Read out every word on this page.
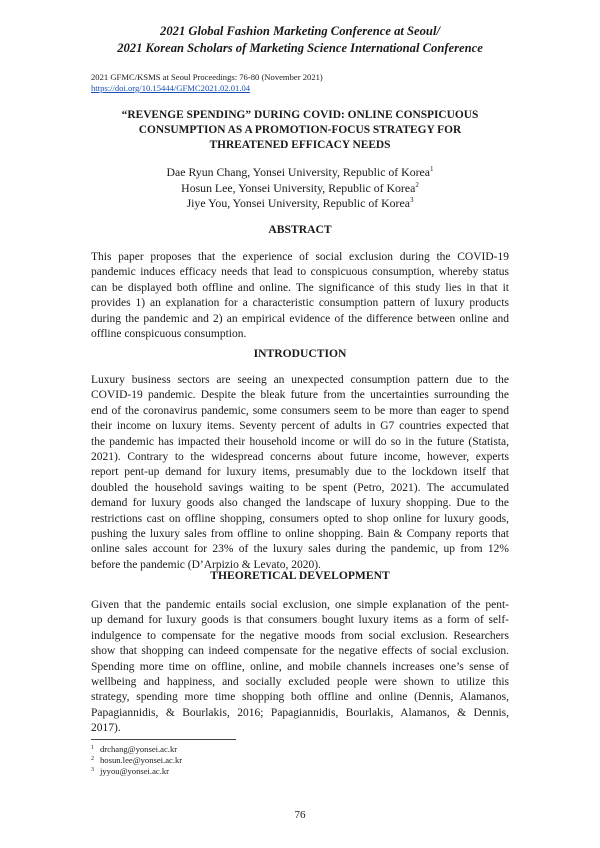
2021 Global Fashion Marketing Conference at Seoul/
2021 Korean Scholars of Marketing Science International Conference
2021 GFMC/KSMS at Seoul Proceedings: 76-80 (November 2021)
https://doi.org/10.15444/GFMC2021.02.01.04
“REVENGE SPENDING” DURING COVID: ONLINE CONSPICUOUS
CONSUMPTION AS A PROMOTION-FOCUS STRATEGY FOR
THREATENED EFFICACY NEEDS
Dae Ryun Chang, Yonsei University, Republic of Korea$^1$
Hosun Lee, Yonsei University, Republic of Korea$^2$
Jiye You, Yonsei University, Republic of Korea$^3$
ABSTRACT
This paper proposes that the experience of social exclusion during the COVID-19
pandemic induces efficacy needs that lead to conspicuous consumption, whereby status
can be displayed both offline and online. The significance of this study lies in that it
provides 1) an explanation for a characteristic consumption pattern of luxury products
during the pandemic and 2) an empirical evidence of the difference between online and
offline conspicuous consumption.
INTRODUCTION
Luxury business sectors are seeing an unexpected consumption pattern due to the
COVID-19 pandemic. Despite the bleak future from the uncertainties surrounding the
end of the coronavirus pandemic, some consumers seem to be more than eager to spend
their income on luxury items. Seventy percent of adults in G7 countries expected that
the pandemic has impacted their household income or will do so in the future (Statista,
2021). Contrary to the widespread concerns about future income, however, experts
report pent-up demand for luxury items, presumably due to the lockdown itself that
doubled the household savings waiting to be spent (Petro, 2021). The accumulated
demand for luxury goods also changed the landscape of luxury shopping. Due to the
restrictions cast on offline shopping, consumers opted to shop online for luxury goods,
pushing the luxury sales from offline to online shopping. Bain & Company reports that
online sales account for 23% of the luxury sales during the pandemic, up from 12%
before the pandemic (D’Arpizio & Levato, 2020).
THEORETICAL DEVELOPMENT
Given that the pandemic entails social exclusion, one simple explanation of the pent-
up demand for luxury goods is that consumers bought luxury items as a form of self-
indulgence to compensate for the negative moods from social exclusion. Researchers
show that shopping can indeed compensate for the negative effects of social exclusion.
Spending more time on offline, online, and mobile channels increases one’s sense of
wellbeing and happiness, and socially excluded people were shown to utilize this
strategy, spending more time shopping both offline and online (Dennis, Alamanos,
Papagiannidis, & Bourlakis, 2016; Papagiannidis, Bourlakis, Alamanos, & Dennis,
2017).
1 drchang@yonsei.ac.kr
2 hosun.lee@yonsei.ac.kr
3 jyyou@yonsei.ac.kr
76
